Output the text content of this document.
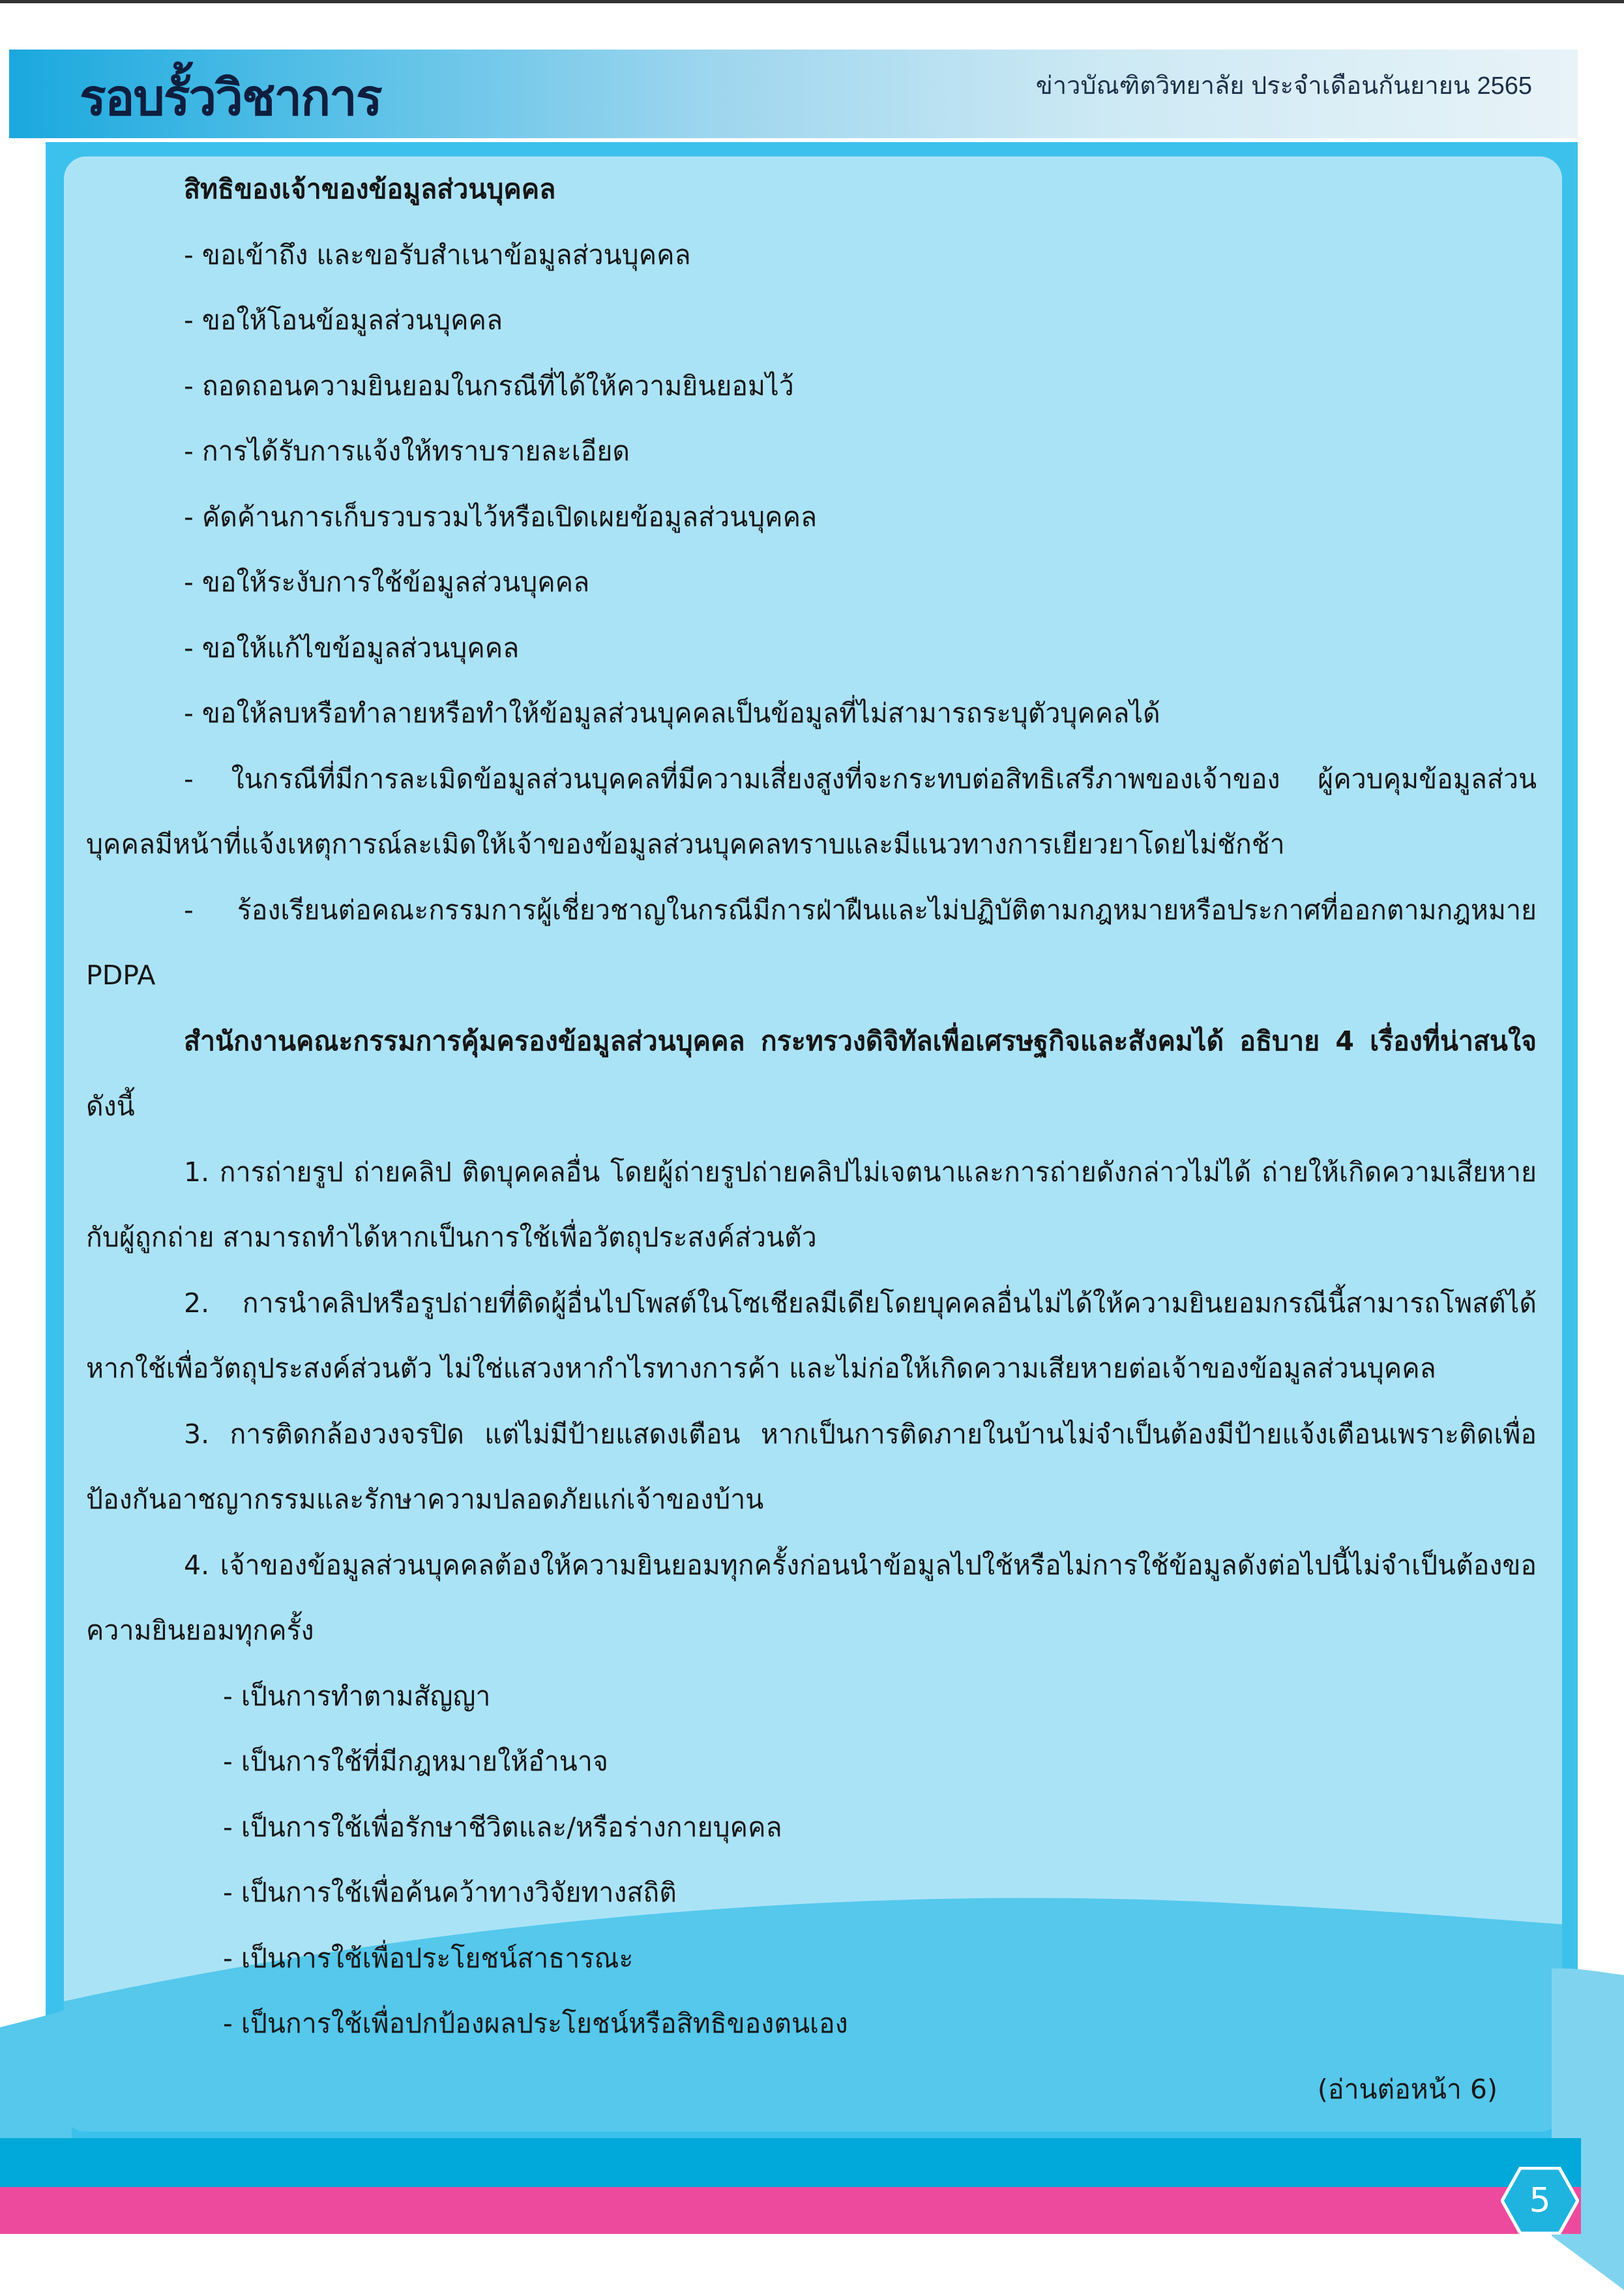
รอบรั้ววิชาการ	ข่าวบัณฑิตวิทยาลัย ประจำเดือนกันยายน 2565

สิทธิของเจ้าของข้อมูลส่วนบุคคล

- ขอเข้าถึง และขอรับสำเนาข้อมูลส่วนบุคคล

- ขอให้โอนข้อมูลส่วนบุคคล

- ถอดถอนความยินยอมในกรณีที่ได้ให้ความยินยอมไว้

- การได้รับการแจ้งให้ทราบรายละเอียด

- คัดค้านการเก็บรวบรวมไว้หรือเปิดเผยข้อมูลส่วนบุคคล

- ขอให้ระงับการใช้ข้อมูลส่วนบุคคล

- ขอให้แก้ไขข้อมูลส่วนบุคคล

- ขอให้ลบหรือทำลายหรือทำให้ข้อมูลส่วนบุคคลเป็นข้อมูลที่ไม่สามารถระบุตัวบุคคลได้

- ในกรณีที่มีการละเมิดข้อมูลส่วนบุคคลที่มีความเสี่ยงสูงที่จะกระทบต่อสิทธิเสรีภาพของเจ้าของ ผู้ควบคุมข้อมูลส่วนบุคคลมีหน้าที่แจ้งเหตุการณ์ละเมิดให้เจ้าของข้อมูลส่วนบุคคลทราบและมีแนวทางการเยียวยาโดยไม่ชักช้า

- ร้องเรียนต่อคณะกรรมการผู้เชี่ยวชาญในกรณีมีการฝ่าฝืนและไม่ปฏิบัติตามกฎหมายหรือประกาศที่ออกตามกฎหมาย PDPA

สำนักงานคณะกรรมการคุ้มครองข้อมูลส่วนบุคคล กระทรวงดิจิทัลเพื่อเศรษฐกิจและสังคมได้ อธิบาย 4 เรื่องที่น่าสนใจ ดังนี้

1. การถ่ายรูป ถ่ายคลิป ติดบุคคลอื่น โดยผู้ถ่ายรูปถ่ายคลิปไม่เจตนาและการถ่ายดังกล่าวไม่ได้ ถ่ายให้เกิดความเสียหายกับผู้ถูกถ่าย สามารถทำได้หากเป็นการใช้เพื่อวัตถุประสงค์ส่วนตัว

2. การนำคลิปหรือรูปถ่ายที่ติดผู้อื่นไปโพสต์ในโซเชียลมีเดียโดยบุคคลอื่นไม่ได้ให้ความยินยอมกรณีนี้สามารถโพสต์ได้หากใช้เพื่อวัตถุประสงค์ส่วนตัว ไม่ใช่แสวงหากำไรทางการค้า และไม่ก่อให้เกิดความเสียหายต่อเจ้าของข้อมูลส่วนบุคคล

3. การติดกล้องวงจรปิด แต่ไม่มีป้ายแสดงเตือน หากเป็นการติดภายในบ้านไม่จำเป็นต้องมีป้ายแจ้งเตือนเพราะติดเพื่อป้องกันอาชญากรรมและรักษาความปลอดภัยแก่เจ้าของบ้าน

4. เจ้าของข้อมูลส่วนบุคคลต้องให้ความยินยอมทุกครั้งก่อนนำข้อมูลไปใช้หรือไม่การใช้ข้อมูลดังต่อไปนี้ไม่จำเป็นต้องขอความยินยอมทุกครั้ง

- เป็นการทำตามสัญญา

- เป็นการใช้ที่มีกฎหมายให้อำนาจ

- เป็นการใช้เพื่อรักษาชีวิตและ/หรือร่างกายบุคคล

- เป็นการใช้เพื่อค้นคว้าทางวิจัยทางสถิติ

- เป็นการใช้เพื่อประโยชน์สาธารณะ

- เป็นการใช้เพื่อปกป้องผลประโยชน์หรือสิทธิของตนเอง

(อ่านต่อหน้า 6)

5
